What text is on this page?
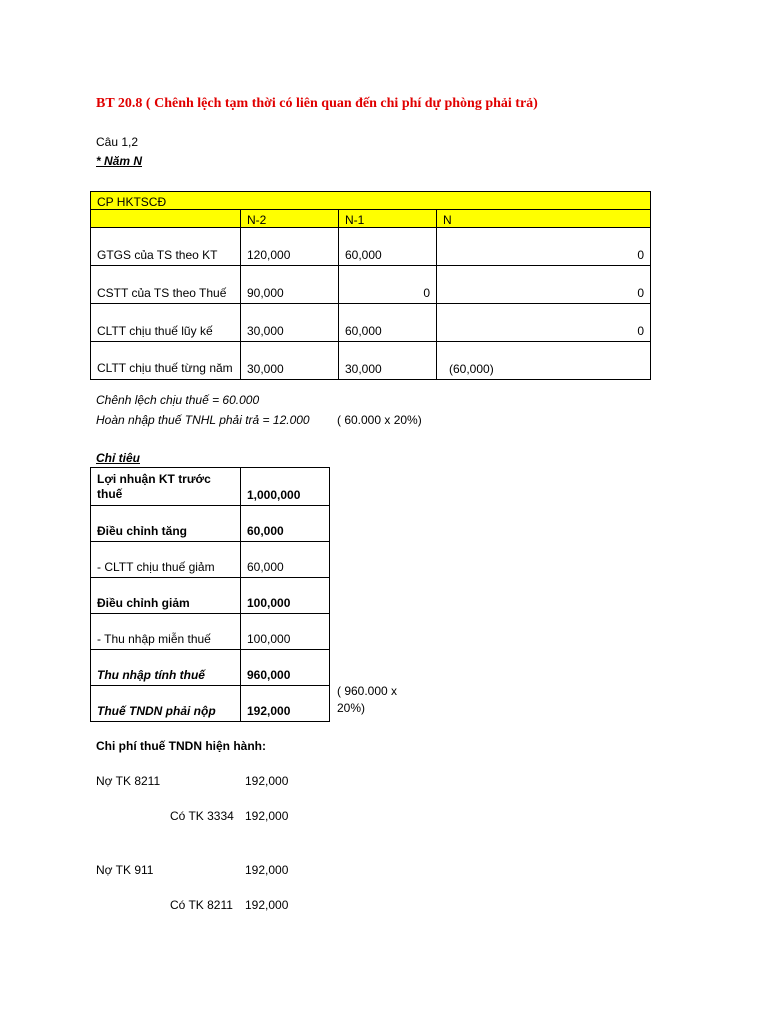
BT 20.8 ( Chênh lệch tạm thời có liên quan đến chi phí dự phòng phải trả)
Câu 1,2
* Năm N
CP HKTSCĐ			
	N-2	N-1	N
GTGS của TS theo KT	120,000	60,000	0
CSTT của TS theo Thuế	90,000	0	0
CLTT chịu thuế lũy kế	30,000	60,000	0
CLTT chịu thuế từng năm	30,000	30,000	(60,000)
Chênh lệch chịu thuế = 60.000
Hoàn nhập thuế TNHL phải trả = 12.000 ( 60.000 x 20%)
Chỉ tiêu
Lợi nhuận KT trước thuế	1,000,000
Điều chỉnh tăng	60,000
- CLTT chịu thuế giảm	60,000
Điều chỉnh giảm	100,000
- Thu nhập miễn thuế	100,000
Thu nhập tính thuế	960,000
Thuế TNDN phải nộp	192,000
( 960.000 x 20%)
Chi phí thuế TNDN hiện hành:
Nợ TK 8211	192,000
Có TK 3334 192,000
Nợ TK 911	192,000
Có TK 8211 192,000
